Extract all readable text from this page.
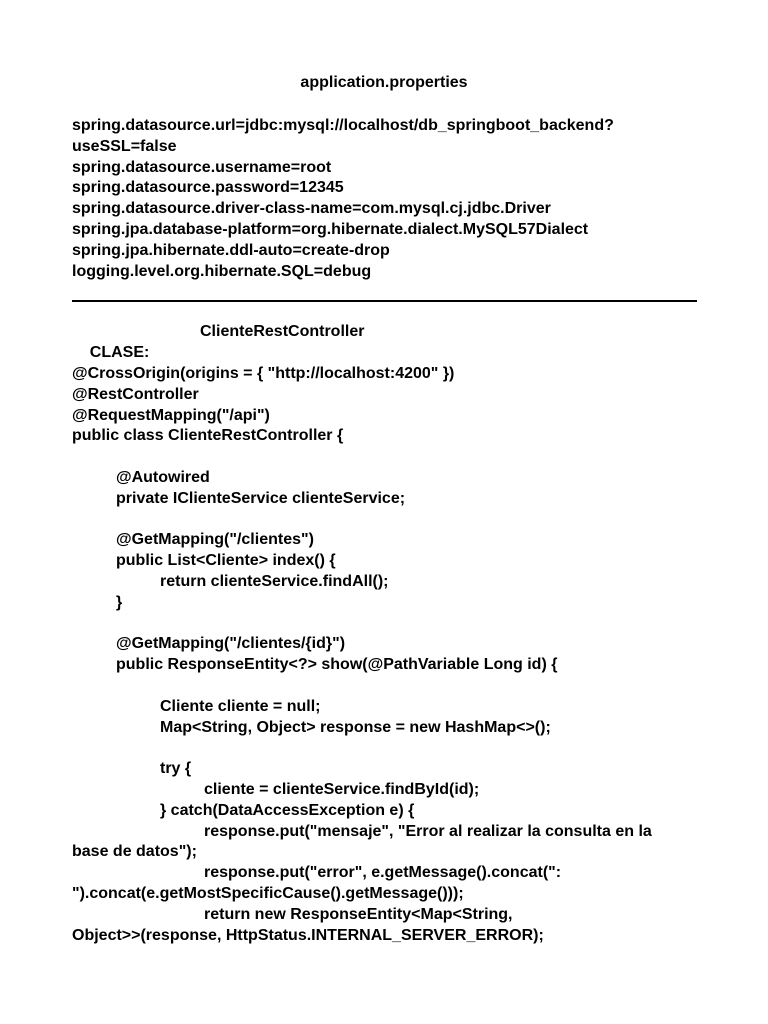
application.properties
spring.datasource.url=jdbc:mysql://localhost/db_springboot_backend?
useSSL=false
spring.datasource.username=root
spring.datasource.password=12345
spring.datasource.driver-class-name=com.mysql.cj.jdbc.Driver
spring.jpa.database-platform=org.hibernate.dialect.MySQL57Dialect
spring.jpa.hibernate.ddl-auto=create-drop
logging.level.org.hibernate.SQL=debug

CLASE:

ClienteRestController

@CrossOrigin(origins = { "http://localhost:4200" })
@RestController
@RequestMapping("/api")
public class ClienteRestController {
@Autowired
private IClienteService clienteService;
@GetMapping("/clientes")
public List<Cliente> index() {
return clienteService.findAll();
}
@GetMapping("/clientes/{id}")
public ResponseEntity<?> show(@PathVariable Long id) {
Cliente cliente = null;
Map<String, Object> response = new HashMap<>();
try {
cliente = clienteService.findById(id);
} catch(DataAccessException e) {
response.put("mensaje", "Error al realizar la consulta en la
base de datos");
response.put("error", e.getMessage().concat(":
").concat(e.getMostSpecificCause().getMessage()));
return new ResponseEntity<Map<String,
Object>>(response, HttpStatus.INTERNAL_SERVER_ERROR);
